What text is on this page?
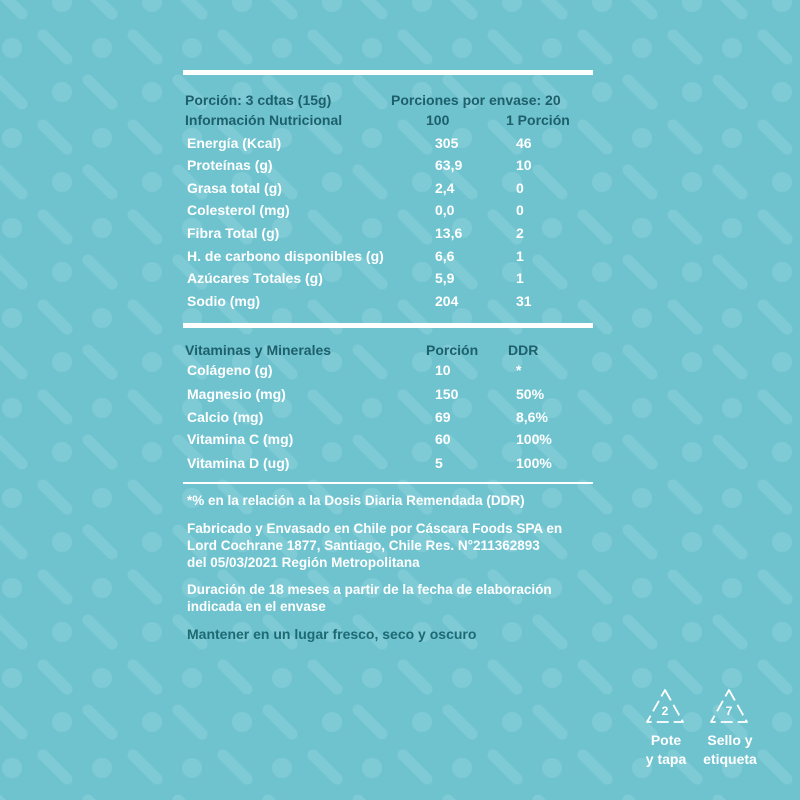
Porción: 3 cdtas (15g)	Porciones por envase: 20
Información Nutricional	100	1 Porción
Energía (Kcal)	305	46
Proteínas (g)	63,9	10
Grasa total (g)	2,4	0
Colesterol (mg)	0,0	0
Fibra Total (g)	13,6	2
H. de carbono disponibles (g)	6,6	1
Azúcares Totales (g)	5,9	1
Sodio (mg)	204	31
Vitaminas y Minerales	Porción DDR
Colágeno (g)	10	*
Magnesio (mg)	150	50%
Calcio (mg)	69	8,6%
Vitamina C (mg)	60	100%
Vitamina D (ug)	5	100%
*% en la relación a la Dosis Diaria Remendada (DDR)
Fabricado y Envasado en Chile por Cáscara Foods SPA en
Lord Cochrane 1877, Santiago, Chile Res. N°211362893
del 05/03/2021 Región Metropolitana
Duración de 18 meses a partir de la fecha de elaboración
indicada en el envase
Mantener en un lugar fresco, seco y oscuro
2	7
Pote
y tapa
Sello y
etiqueta
